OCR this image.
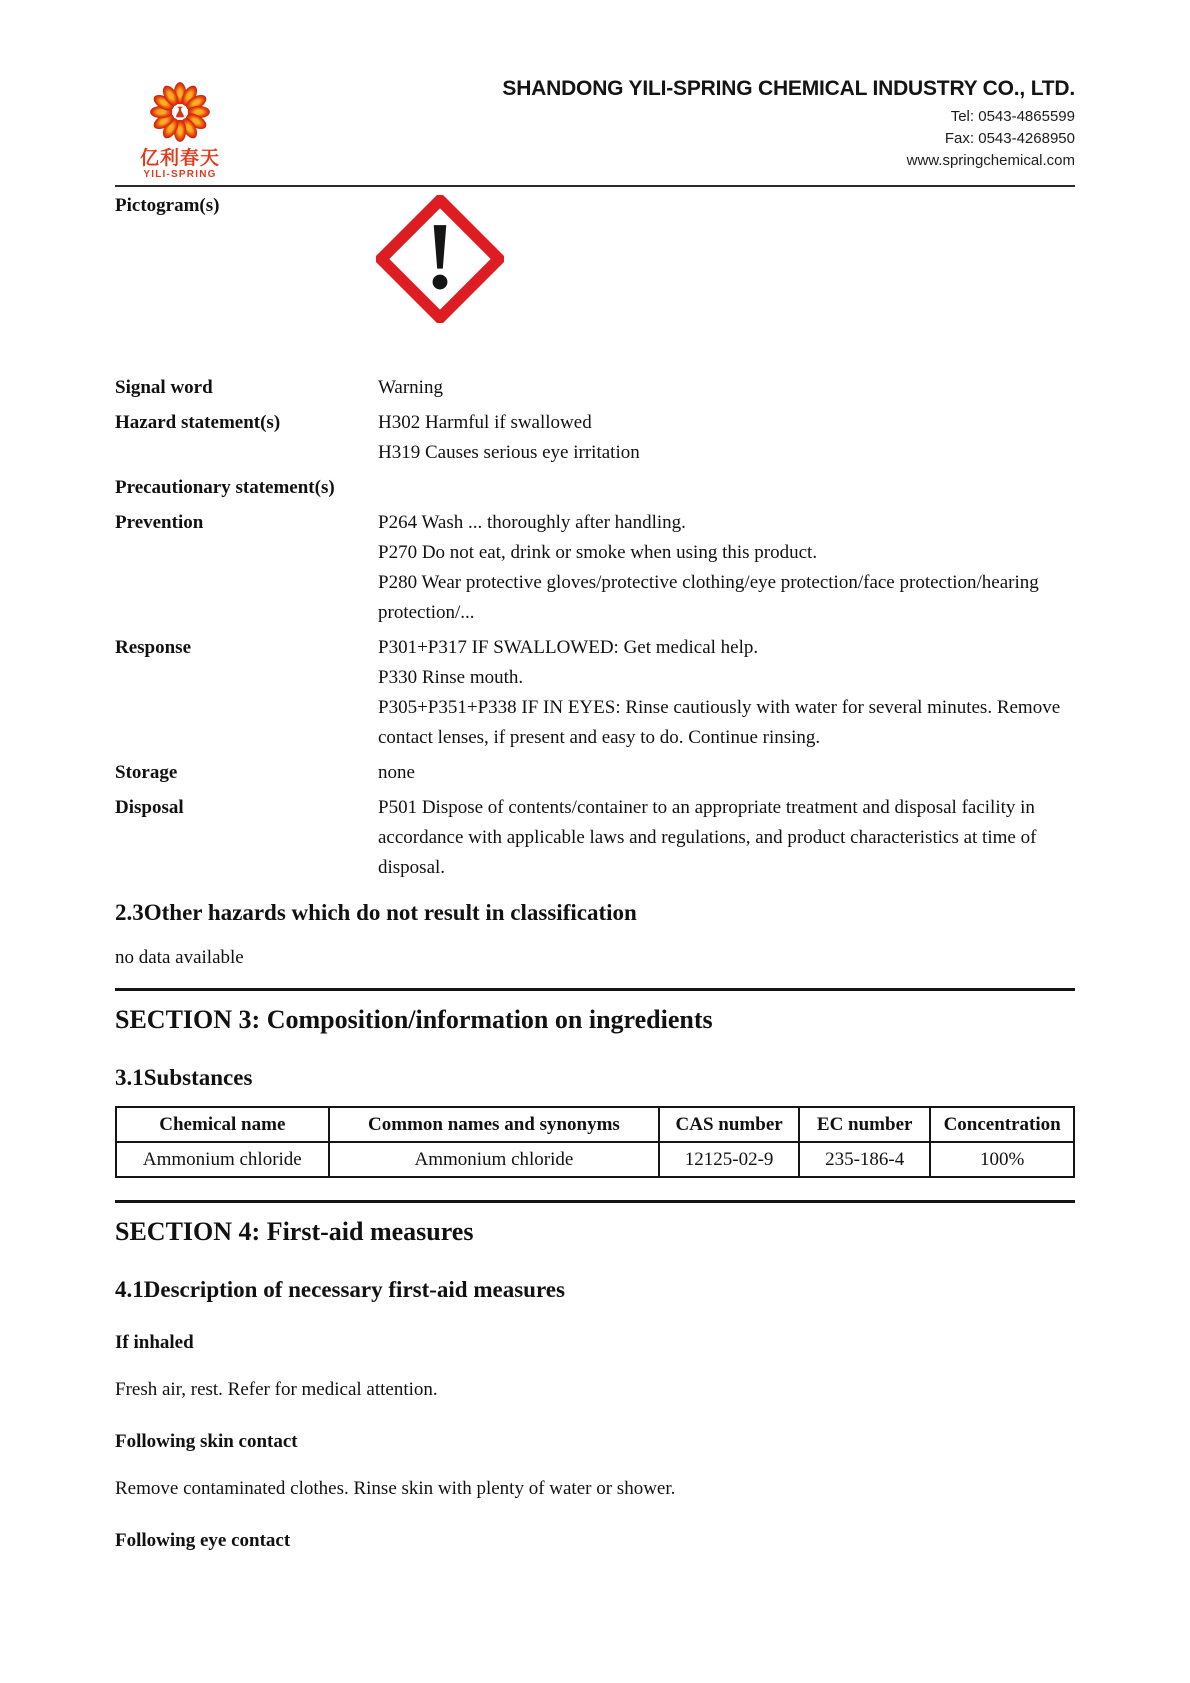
亿利春天
YILI-SPRING
SHANDONG YILI-SPRING CHEMICAL INDUSTRY CO., LTD.
Tel: 0543-4865599
Fax: 0543-4268950
www.springchemical.com
Pictogram(s)
Signal word	Warning

Hazard statement(s)	H302 Harmful if swallowed

H319 Causes serious eye irritation

Precautionary statement(s)
Prevention	P264 Wash ... thoroughly after handling.

P270 Do not eat, drink or smoke when using this product.

P280 Wear protective gloves/protective clothing/eye protection/face protection/hearing protection/...

Response	P301+P317 IF SWALLOWED: Get medical help.

P330 Rinse mouth.

P305+P351+P338 IF IN EYES: Rinse cautiously with water for several minutes. Remove contact lenses, if present and easy to do. Continue rinsing.

Storage	none

Disposal	P501 Dispose of contents/container to an appropriate treatment and disposal facility in accordance with applicable laws and regulations, and product characteristics at time of disposal.

2.3Other hazards which do not result in classification

no data available

SECTION 3: Composition/information on ingredients
3.1Substances
Chemical name	Common names and synonyms	CAS number	EC number	Concentration
Ammonium chloride	Ammonium chloride	12125-02-9	235-186-4	100%
SECTION 4: First-aid measures
4.1Description of necessary first-aid measures
If inhaled

Fresh air, rest. Refer for medical attention.

Following skin contact

Remove contaminated clothes. Rinse skin with plenty of water or shower.

Following eye contact
